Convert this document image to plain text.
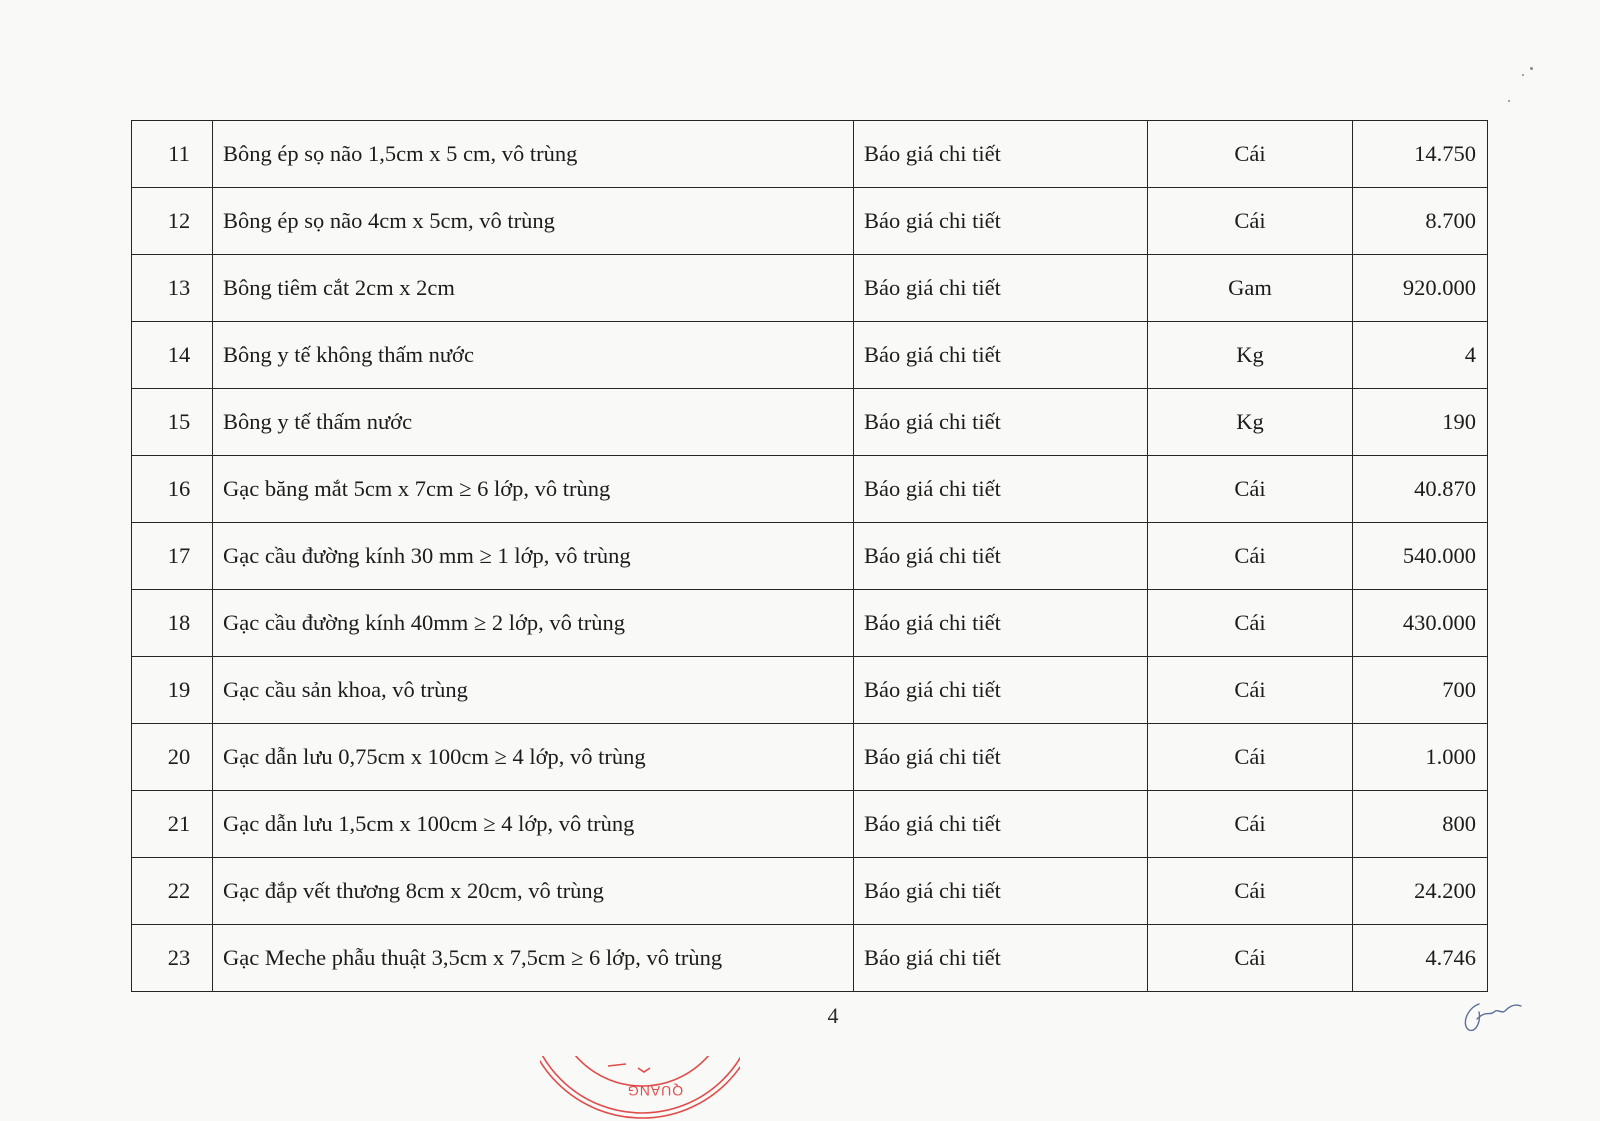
11	Bông ép sọ não 1,5cm x 5 cm, vô trùng	Báo giá chi tiết	Cái	14.750
12	Bông ép sọ não 4cm x 5cm, vô trùng	Báo giá chi tiết	Cái	8.700
13	Bông tiêm cắt 2cm x 2cm	Báo giá chi tiết	Gam	920.000
14	Bông y tế không thấm nước	Báo giá chi tiết	Kg	4
15	Bông y tế thấm nước	Báo giá chi tiết	Kg	190
16	Gạc băng mắt 5cm x 7cm ≥ 6 lớp, vô trùng	Báo giá chi tiết	Cái	40.870
17	Gạc cầu đường kính 30 mm ≥ 1 lớp, vô trùng	Báo giá chi tiết	Cái	540.000
18	Gạc cầu đường kính 40mm ≥ 2 lớp, vô trùng	Báo giá chi tiết	Cái	430.000
19	Gạc cầu sản khoa, vô trùng	Báo giá chi tiết	Cái	700
20	Gạc dẫn lưu 0,75cm x 100cm ≥ 4 lớp, vô trùng	Báo giá chi tiết	Cái	1.000
21	Gạc dẫn lưu 1,5cm x 100cm ≥ 4 lớp, vô trùng	Báo giá chi tiết	Cái	800
22	Gạc đắp vết thương 8cm x 20cm, vô trùng	Báo giá chi tiết	Cái	24.200
23	Gạc Meche phẫu thuật 3,5cm x 7,5cm ≥ 6 lớp, vô trùng	Báo giá chi tiết	Cái	4.746
4
QUANG
